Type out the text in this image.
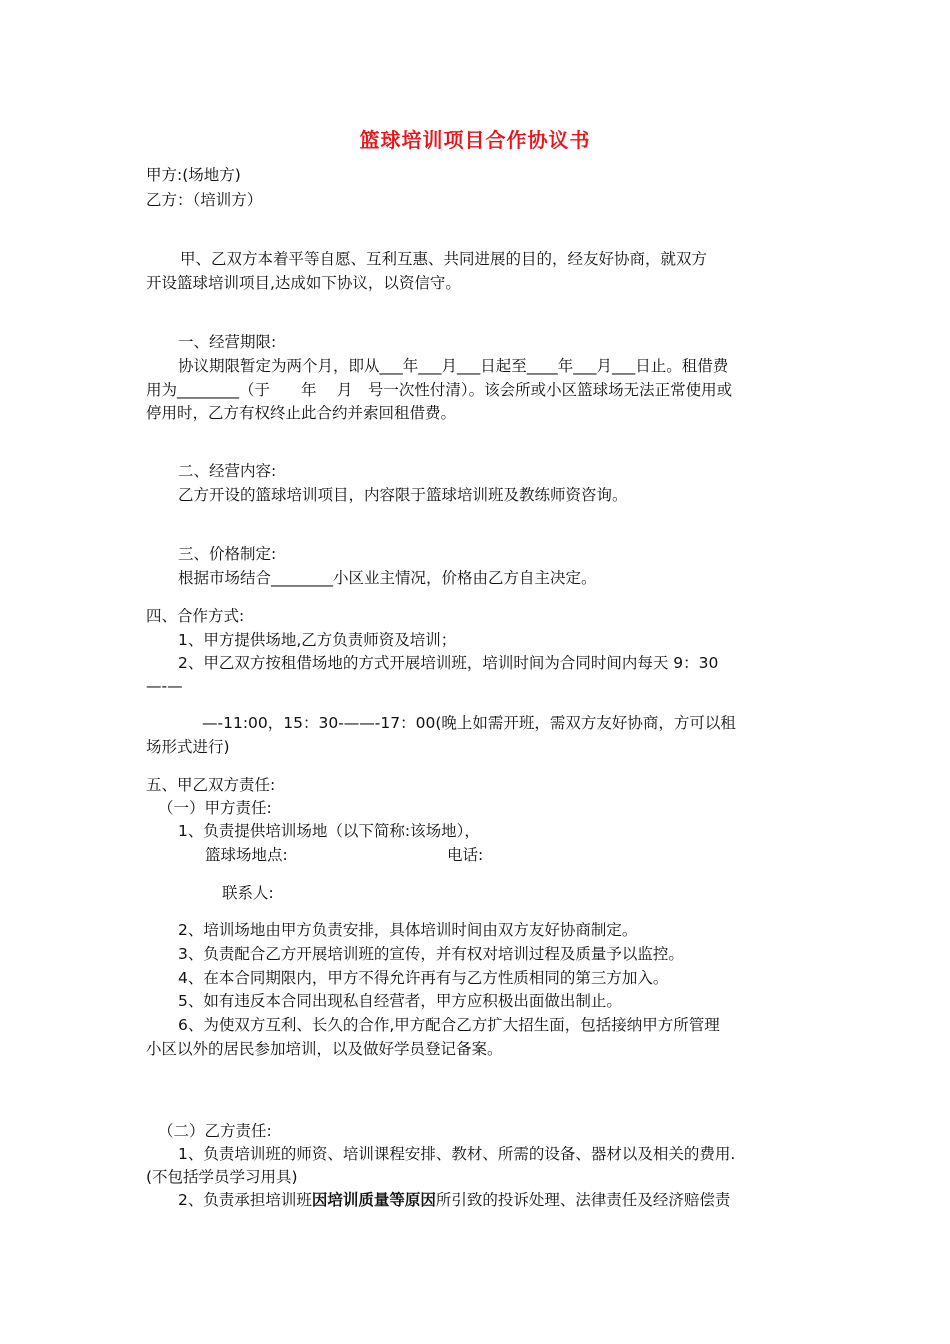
篮球培训项目合作协议书
甲方:(场地方)
乙方：（培训方）
甲、乙双方本着平等自愿、互利互惠、共同进展的目的，经友好协商，就双方
开设篮球培训项目,达成如下协议，以资信守。
一、经营期限:
协议期限暂定为两个月，即从___年___月___日起至____年___月___日止。租借费
用为________（于　　年　 月　号一次性付清）。该会所或小区篮球场无法正常使用或
停用时，乙方有权终止此合约并索回租借费。
二、经营内容:
乙方开设的篮球培训项目，内容限于篮球培训班及教练师资咨询。
三、价格制定:
根据市场结合________小区业主情况，价格由乙方自主决定。
四、合作方式:
1、甲方提供场地,乙方负责师资及培训；
2、甲乙双方按租借场地的方式开展培训班，培训时间为合同时间内每天 9：30
—-—
—-11:00，15：30-——-17：00(晚上如需开班，需双方友好协商，方可以租
场形式进行)
五、甲乙双方责任:
（一）甲方责任:
1、负责提供培训场地（以下简称:该场地），
篮球场地点:	电话:
联系人:
2、培训场地由甲方负责安排，具体培训时间由双方友好协商制定。
3、负责配合乙方开展培训班的宣传，并有权对培训过程及质量予以监控。
4、在本合同期限内，甲方不得允许再有与乙方性质相同的第三方加入。
5、如有违反本合同出现私自经营者，甲方应积极出面做出制止。
6、为使双方互利、长久的合作,甲方配合乙方扩大招生面，包括接纳甲方所管理
小区以外的居民参加培训，以及做好学员登记备案。
（二）乙方责任:
1、负责培训班的师资、培训课程安排、教材、所需的设备、器材以及相关的费用.
(不包括学员学习用具)
2、负责承担培训班因培训质量等原因所引致的投诉处理、法律责任及经济赔偿责
